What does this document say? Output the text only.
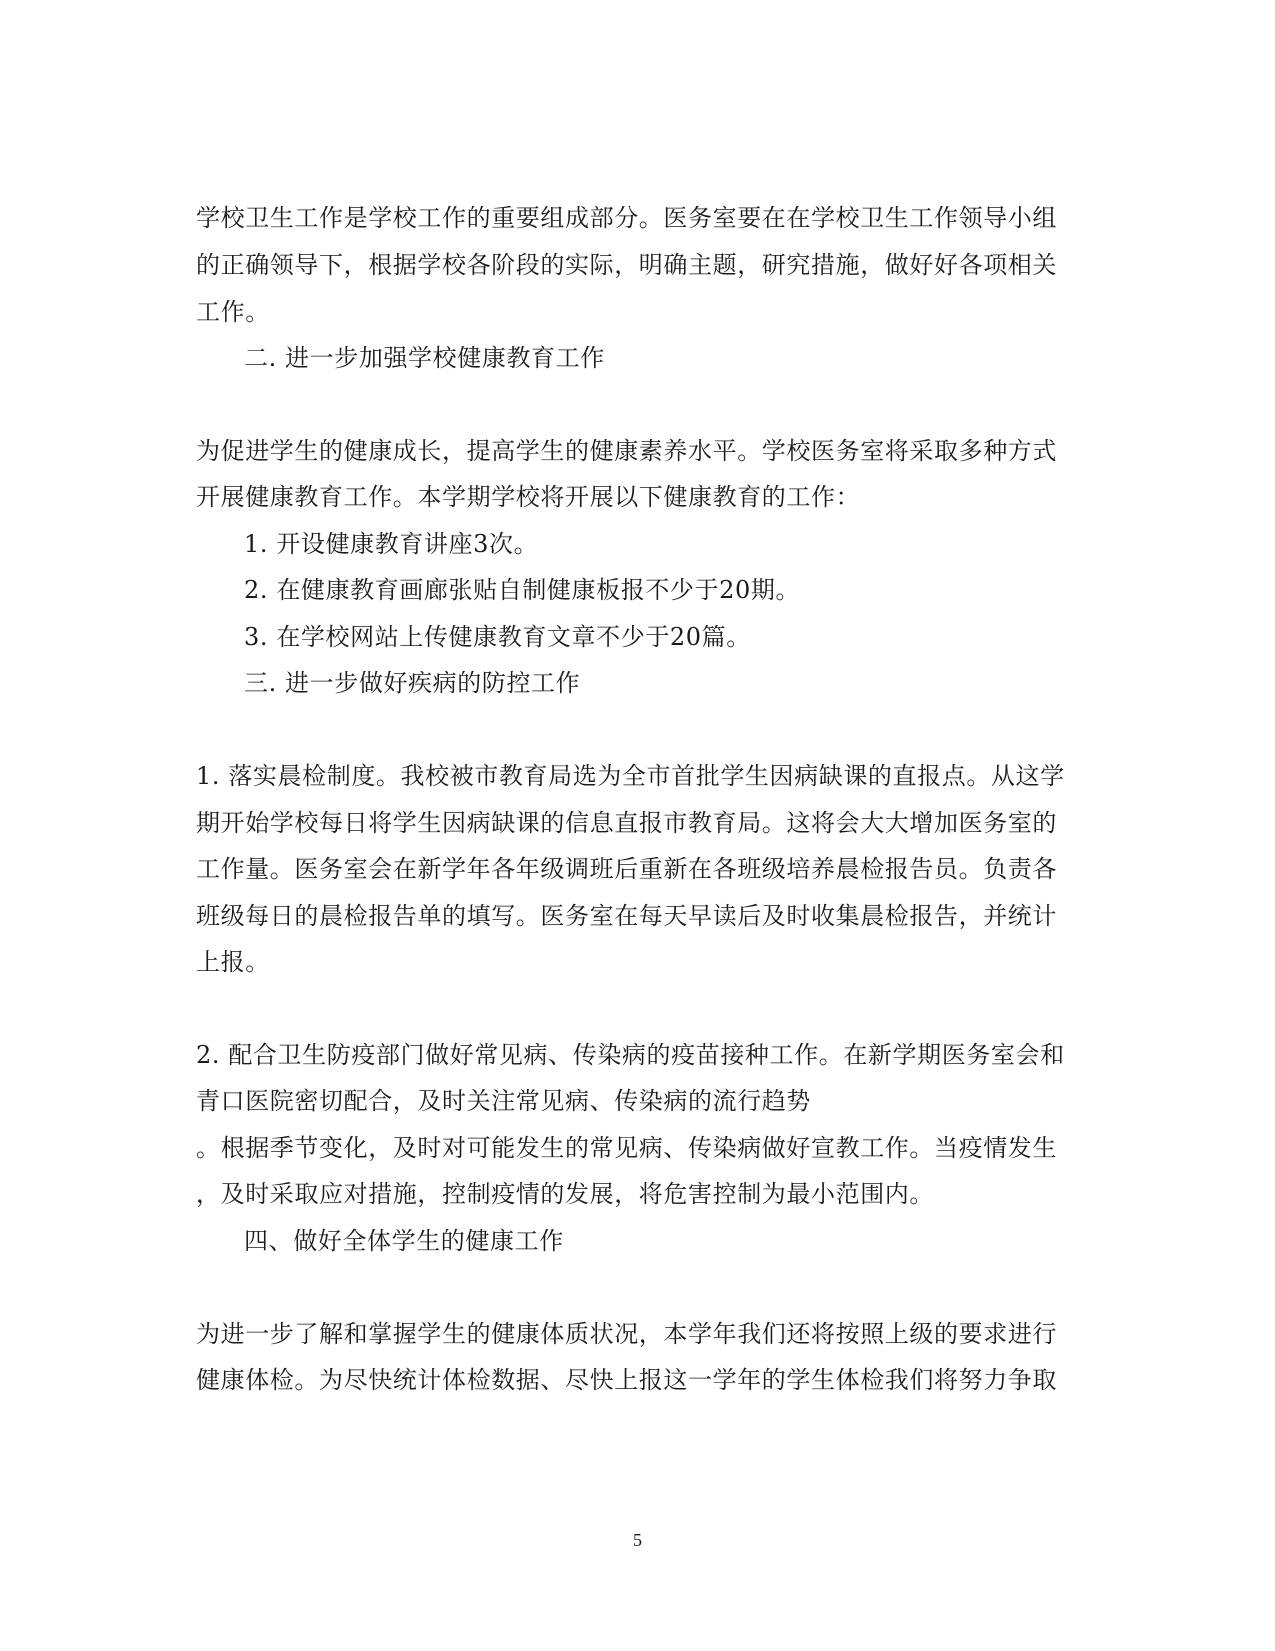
学校卫生工作是学校工作的重要组成部分。医务室要在在学校卫生工作领导小组
的正确领导下，根据学校各阶段的实际，明确主题，研究措施，做好好各项相关
工作。
二. 进一步加强学校健康教育工作
为促进学生的健康成长，提高学生的健康素养水平。学校医务室将采取多种方式
开展健康教育工作。本学期学校将开展以下健康教育的工作：
1. 开设健康教育讲座3次。
2. 在健康教育画廊张贴自制健康板报不少于20期。
3. 在学校网站上传健康教育文章不少于20篇。
三. 进一步做好疾病的防控工作
1. 落实晨检制度。我校被市教育局选为全市首批学生因病缺课的直报点。从这学
期开始学校每日将学生因病缺课的信息直报市教育局。这将会大大增加医务室的
工作量。医务室会在新学年各年级调班后重新在各班级培养晨检报告员。负责各
班级每日的晨检报告单的填写。医务室在每天早读后及时收集晨检报告，并统计
上报。
2. 配合卫生防疫部门做好常见病、传染病的疫苗接种工作。在新学期医务室会和
青口医院密切配合，及时关注常见病、传染病的流行趋势
。根据季节变化，及时对可能发生的常见病、传染病做好宣教工作。当疫情发生
，及时采取应对措施，控制疫情的发展，将危害控制为最小范围内。
四、做好全体学生的健康工作
为进一步了解和掌握学生的健康体质状况，本学年我们还将按照上级的要求进行
健康体检。为尽快统计体检数据、尽快上报这一学年的学生体检我们将努力争取
5
